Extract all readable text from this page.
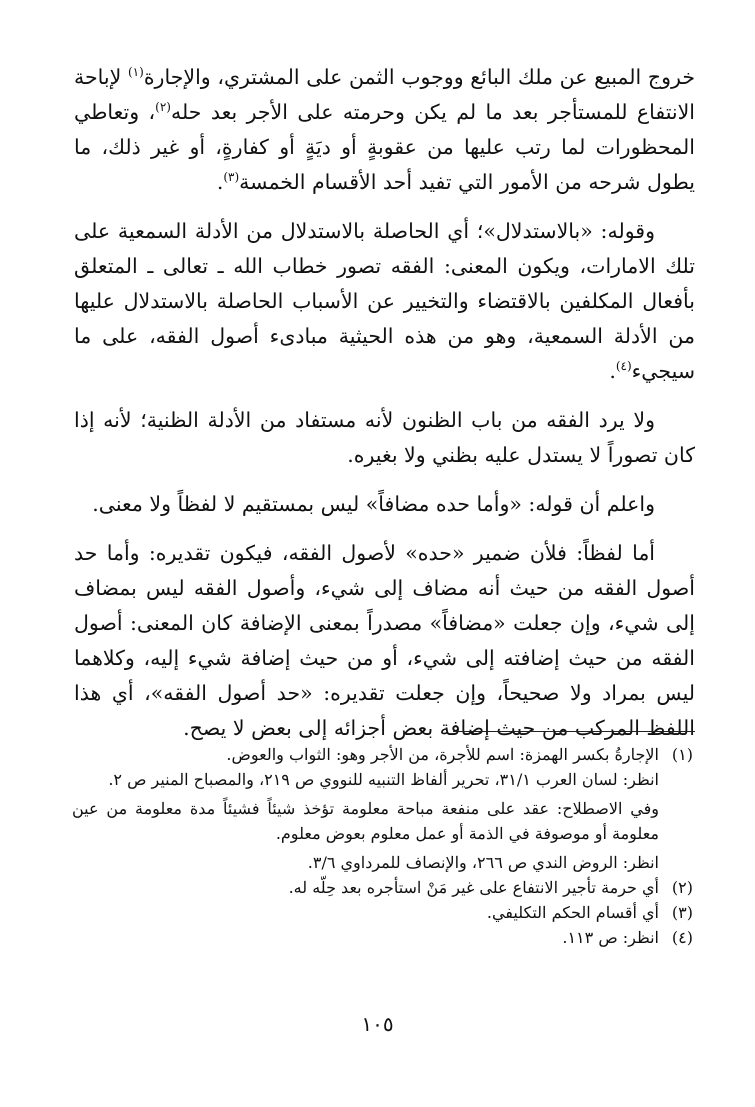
خروج المبيع عن ملك البائع ووجوب الثمن على المشتري، والإجارة$^{(١)}$ لإباحة الانتفاع للمستأجر بعد ما لم يكن وحرمته على الأجر بعد حله$^{(٢)}$، وتعاطي المحظورات لما رتب عليها من عقوبةٍ أو ديَةٍ أو كفارةٍ، أو غير ذلك، ما يطول شرحه من الأمور التي تفيد أحد الأقسام الخمسة$^{(٣)}$.

وقوله: «بالاستدلال»؛ أي الحاصلة بالاستدلال من الأدلة السمعية على تلك الامارات، ويكون المعنى: الفقه تصور خطاب الله ـ تعالى ـ المتعلق بأفعال المكلفين بالاقتضاء والتخيير عن الأسباب الحاصلة بالاستدلال عليها من الأدلة السمعية، وهو من هذه الحيثية مبادىء أصول الفقه، على ما سيجيء$^{(٤)}$.

ولا يرد الفقه من باب الظنون لأنه مستفاد من الأدلة الظنية؛ لأنه إذا كان تصوراً لا يستدل عليه بظني ولا بغيره.

واعلم أن قوله: «وأما حده مضافاً» ليس بمستقيم لا لفظاً ولا معنى.

أما لفظاً: فلأن ضمير «حده» لأصول الفقه، فيكون تقديره: وأما حد أصول الفقه من حيث أنه مضاف إلى شيء، وأصول الفقه ليس بمضاف إلى شيء، وإن جعلت «مضافاً» مصدراً بمعنى الإضافة كان المعنى: أصول الفقه من حيث إضافته إلى شيء، أو من حيث إضافة شيء إليه، وكلاهما ليس بمراد ولا صحيحاً، وإن جعلت تقديره: «حد أصول الفقه»، أي هذا اللفظ المركب من حيث إضافة بعض أجزائه إلى بعض لا يصح.

(١)الإجارةُ بكسر الهمزة: اسم للأجرة، من الأجر وهو: الثواب والعوض.

انظر: لسان العرب ٣١/١، تحرير ألفاظ التنبيه للنووي ص ٢١٩، والمصباح المنير ص ٢.

وفي الاصطلاح: عقد على منفعة مباحة معلومة تؤخذ شيئاً فشيئاً مدة معلومة من عين معلومة أو موصوفة في الذمة أو عمل معلوم بعوض معلوم.

انظر: الروض الندي ص ٢٦٦، والإنصاف للمرداوي ٣/٦.

(٢)أي حرمة تأجير الانتفاع على غير مَنْ استأجره بعد حِلّه له.

(٣)أي أقسام الحكم التكليفي.

(٤)انظر: ص ١١٣.

١٠٥
